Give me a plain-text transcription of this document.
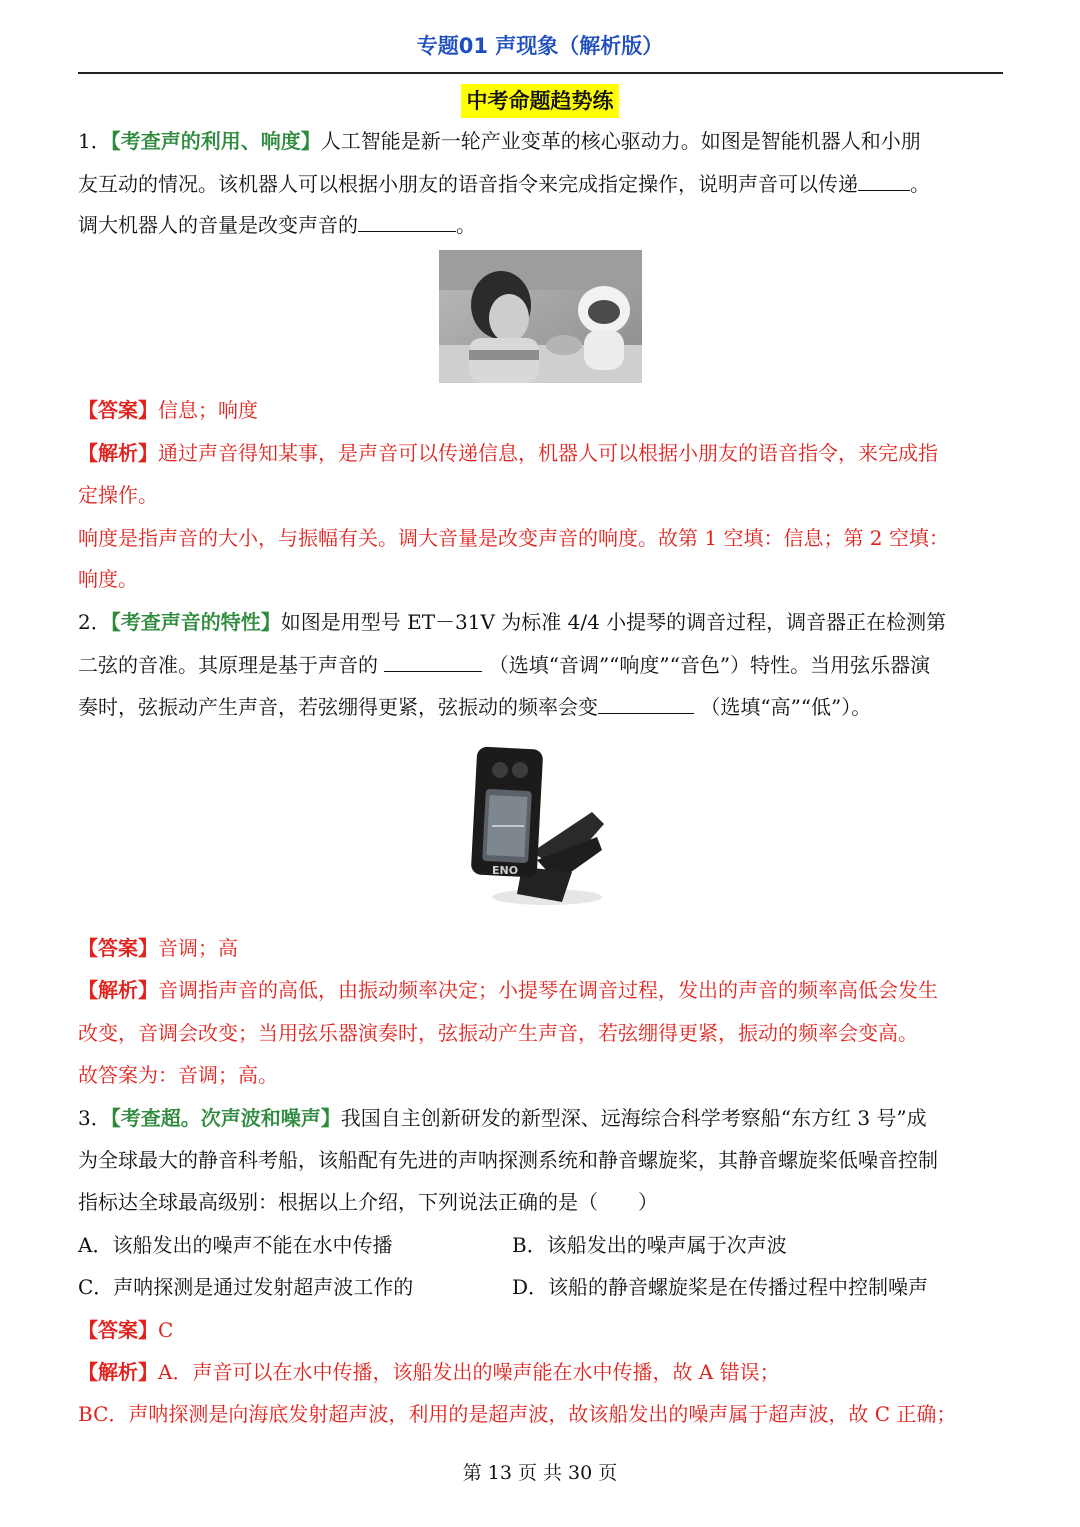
专题01 声现象（解析版）
中考命题趋势练
1．【考查声的利用、响度】人工智能是新一轮产业变革的核心驱动力。如图是智能机器人和小朋
友互动的情况。该机器人可以根据小朋友的语音指令来完成指定操作，说明声音可以传递	。
调大机器人的音量是改变声音的	。
【答案】信息；响度
【解析】通过声音得知某事，是声音可以传递信息，机器人可以根据小朋友的语音指令，来完成指
定操作。
响度是指声音的大小，与振幅有关。调大音量是改变声音的响度。故第 1 空填：信息；第 2 空填：
响度。
2．【考查声音的特性】如图是用型号 ET－31V 为标准 4/4 小提琴的调音过程，调音器正在检测第
二弦的音准。其原理是基于声音的	（选填“音调”“响度”“音色”）特性。当用弦乐器演
奏时，弦振动产生声音，若弦绷得更紧，弦振动的频率会变	（选填“高”“低”）。
ENO
【答案】音调；高
【解析】音调指声音的高低，由振动频率决定；小提琴在调音过程，发出的声音的频率高低会发生
改变，音调会改变；当用弦乐器演奏时，弦振动产生声音，若弦绷得更紧，振动的频率会变高。
故答案为：音调；高。
3．【考查超。次声波和噪声】我国自主创新研发的新型深、远海综合科学考察船“东方红 3 号”成
为全球最大的静音科考船，该船配有先进的声呐探测系统和静音螺旋桨，其静音螺旋桨低噪音控制
指标达全球最高级别：根据以上介绍，下列说法正确的是（　　）
A．该船发出的噪声不能在水中传播	B．该船发出的噪声属于次声波
C．声呐探测是通过发射超声波工作的	D．该船的静音螺旋桨是在传播过程中控制噪声
【答案】C
【解析】A．声音可以在水中传播，该船发出的噪声能在水中传播，故 A 错误；
BC．声呐探测是向海底发射超声波，利用的是超声波，故该船发出的噪声属于超声波，故 C 正确；
第 13 页 共 30 页
